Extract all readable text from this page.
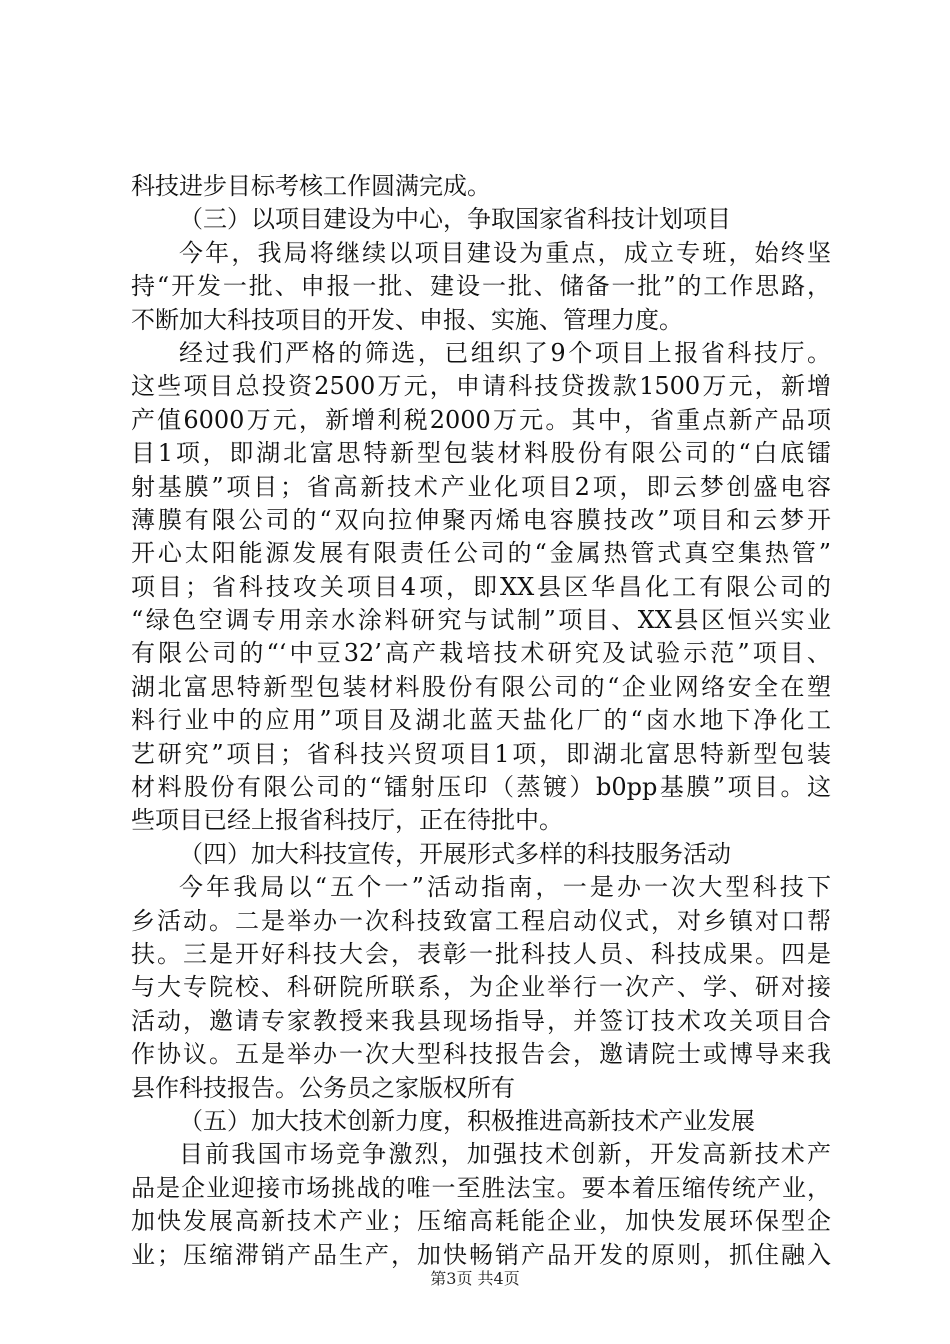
科技进步目标考核工作圆满完成。
（三）以项目建设为中心，争取国家省科技计划项目
今年，我局将继续以项目建设为重点，成立专班，始终坚
持“开发一批、申报一批、建设一批、储备一批”的工作思路，
不断加大科技项目的开发、申报、实施、管理力度。
经过我们严格的筛选，已组织了9个项目上报省科技厅。
这些项目总投资2500万元，申请科技贷拨款1500万元，新增
产值6000万元，新增利税2000万元。其中，省重点新产品项
目1项，即湖北富思特新型包装材料股份有限公司的“白底镭
射基膜”项目；省高新技术产业化项目2项，即云梦创盛电容
薄膜有限公司的“双向拉伸聚丙烯电容膜技改”项目和云梦开
开心太阳能源发展有限责任公司的“金属热管式真空集热管”
项目；省科技攻关项目4项，即XX县区华昌化工有限公司的
“绿色空调专用亲水涂料研究与试制”项目、XX县区恒兴实业
有限公司的“‘中豆32’高产栽培技术研究及试验示范”项目、
湖北富思特新型包装材料股份有限公司的“企业网络安全在塑
料行业中的应用”项目及湖北蓝天盐化厂的“卤水地下净化工
艺研究”项目；省科技兴贸项目1项，即湖北富思特新型包装
材料股份有限公司的“镭射压印（蒸镀）b0pp基膜”项目。这
些项目已经上报省科技厅，正在待批中。
（四）加大科技宣传，开展形式多样的科技服务活动
今年我局以“五个一”活动指南，一是办一次大型科技下
乡活动。二是举办一次科技致富工程启动仪式，对乡镇对口帮
扶。三是开好科技大会，表彰一批科技人员、科技成果。四是
与大专院校、科研院所联系，为企业举行一次产、学、研对接
活动，邀请专家教授来我县现场指导，并签订技术攻关项目合
作协议。五是举办一次大型科技报告会，邀请院士或博导来我
县作科技报告。公务员之家版权所有
（五）加大技术创新力度，积极推进高新技术产业发展
目前我国市场竞争激烈，加强技术创新，开发高新技术产
品是企业迎接市场挑战的唯一至胜法宝。要本着压缩传统产业，
加快发展高新技术产业；压缩高耗能企业，加快发展环保型企
业；压缩滞销产品生产，加快畅销产品开发的原则，抓住融入
第3页 共4页
